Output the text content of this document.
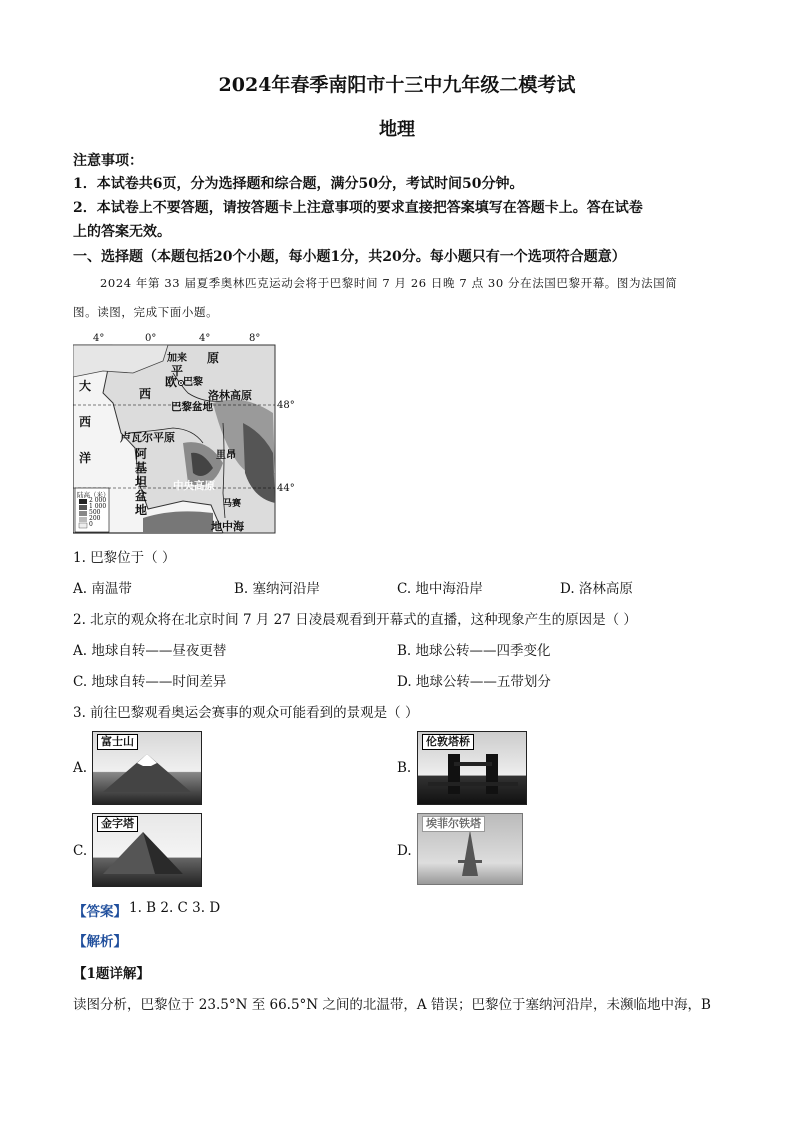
2024年春季南阳市十三中九年级二模考试
地理
注意事项：
1．本试卷共6页，分为选择题和综合题，满分50分，考试时间50分钟。
2．本试卷上不要答题，请按答题卡上注意事项的要求直接把答案填写在答题卡上。答在试卷
上的答案无效。
一、选择题（本题包括20个小题，每小题1分，共20分。每小题只有一个选项符合题意）
2024 年第 33 届夏季奥林匹克运动会将于巴黎时间 7 月 26 日晚 7 点 30 分在法国巴黎开幕。图为法国简
图。读图，完成下面小题。
4°	0°	4°	8°
48°
44°
大
西
洋
西
加来
平
原
欧 巴黎
洛林高原
巴黎盆地
卢瓦尔平原
阿
基
坦
盆
地
里昂
中央高原
马赛
地中海
陆高（米）
2 000
1 000
500
200
0
1. 巴黎位于（ ）
A. 南温带	B. 塞纳河沿岸	C. 地中海沿岸	D. 洛林高原
2. 北京的观众将在北京时间 7 月 27 日凌晨观看到开幕式的直播，这种现象产生的原因是（ ）
A. 地球自转——昼夜更替	B. 地球公转——四季变化
C. 地球自转——时间差异	D. 地球公转——五带划分
3. 前往巴黎观看奥运会赛事的观众可能看到的景观是（ ）
A.
富士山
B.
伦敦塔桥
C.
金字塔
D.
埃菲尔铁塔
【答案】 1. B 2. C 3. D
【解析】
【1题详解】
读图分析，巴黎位于 23.5°N 至 66.5°N 之间的北温带，A 错误；巴黎位于塞纳河沿岸，未濒临地中海，B
